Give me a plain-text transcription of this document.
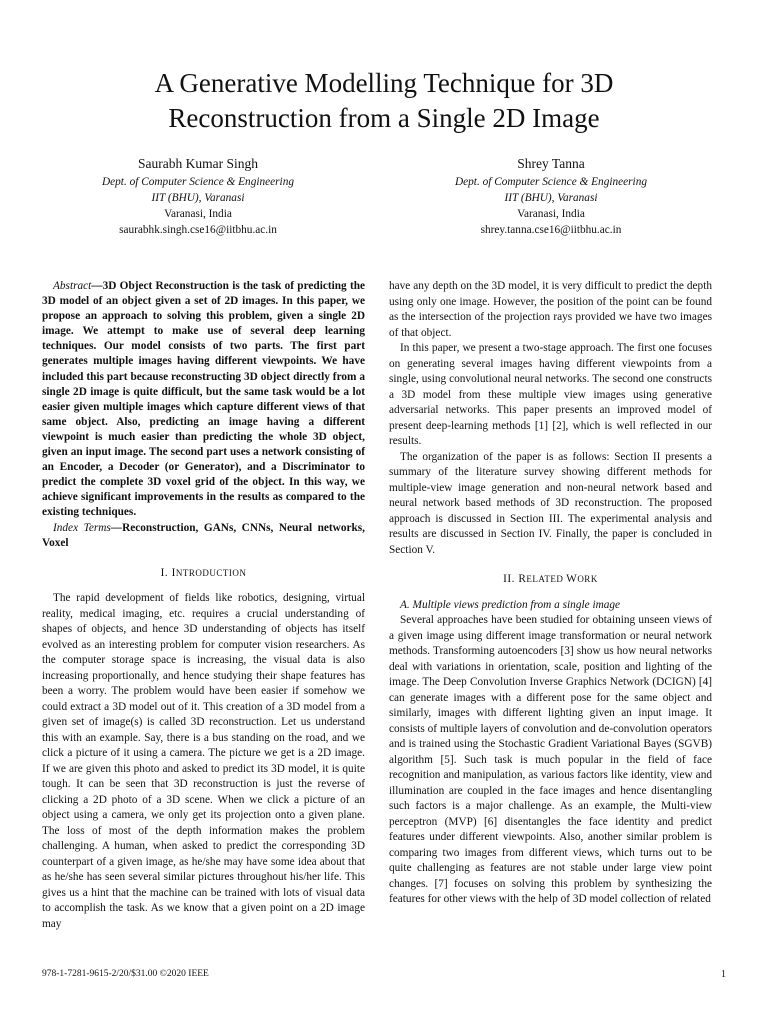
A Generative Modelling Technique for 3D
Reconstruction from a Single 2D Image
Saurabh Kumar Singh
Dept. of Computer Science & Engineering
IIT (BHU), Varanasi
Varanasi, India
saurabhk.singh.cse16@iitbhu.ac.in
Shrey Tanna
Dept. of Computer Science & Engineering
IIT (BHU), Varanasi
Varanasi, India
shrey.tanna.cse16@iitbhu.ac.in

Abstract—3D Object Reconstruction is the task of predicting the 3D model of an object given a set of 2D images. In this paper, we propose an approach to solving this problem, given a single 2D image. We attempt to make use of several deep learning techniques. Our model consists of two parts. The first part generates multiple images having different viewpoints. We have included this part because reconstructing 3D object directly from a single 2D image is quite difficult, but the same task would be a lot easier given multiple images which capture different views of that same object. Also, predicting an image having a different viewpoint is much easier than predicting the whole 3D object, given an input image. The second part uses a network consisting of an Encoder, a Decoder (or Generator), and a Discriminator to predict the complete 3D voxel grid of the object. In this way, we achieve significant improvements in the results as compared to the existing techniques.

Index Terms—Reconstruction, GANs, CNNs, Neural networks, Voxel

I. INTRODUCTION

The rapid development of fields like robotics, designing, virtual reality, medical imaging, etc. requires a crucial understanding of shapes of objects, and hence 3D understanding of objects has itself evolved as an interesting problem for computer vision researchers. As the computer storage space is increasing, the visual data is also increasing proportionally, and hence studying their shape features has been a worry. The problem would have been easier if somehow we could extract a 3D model out of it. This creation of a 3D model from a given set of image(s) is called 3D reconstruction. Let us understand this with an example. Say, there is a bus standing on the road, and we click a picture of it using a camera. The picture we get is a 2D image. If we are given this photo and asked to predict its 3D model, it is quite tough. It can be seen that 3D reconstruction is just the reverse of clicking a 2D photo of a 3D scene. When we click a picture of an object using a camera, we only get its projection onto a given plane. The loss of most of the depth information makes the problem challenging. A human, when asked to predict the corresponding 3D counterpart of a given image, as he/she may have some idea about that as he/she has seen several similar pictures throughout his/her life. This gives us a hint that the machine can be trained with lots of visual data to accomplish the task. As we know that a given point on a 2D image may

have any depth on the 3D model, it is very difficult to predict the depth using only one image. However, the position of the point can be found as the intersection of the projection rays provided we have two images of that object.

In this paper, we present a two-stage approach. The first one focuses on generating several images having different viewpoints from a single, using convolutional neural networks. The second one constructs a 3D model from these multiple view images using generative adversarial networks. This paper presents an improved model of present deep-learning methods [1] [2], which is well reflected in our results.

The organization of the paper is as follows: Section II presents a summary of the literature survey showing different methods for multiple-view image generation and non-neural network based and neural network based methods of 3D reconstruction. The proposed approach is discussed in Section III. The experimental analysis and results are discussed in Section IV. Finally, the paper is concluded in Section V.

II. RELATED WORK

A. Multiple views prediction from a single image

Several approaches have been studied for obtaining unseen views of a given image using different image transformation or neural network methods. Transforming autoencoders [3] show us how neural networks deal with variations in orientation, scale, position and lighting of the image. The Deep Convolution Inverse Graphics Network (DCIGN) [4] can generate images with a different pose for the same object and similarly, images with different lighting given an input image. It consists of multiple layers of convolution and de-convolution operators and is trained using the Stochastic Gradient Variational Bayes (SGVB) algorithm [5]. Such task is much popular in the field of face recognition and manipulation, as various factors like identity, view and illumination are coupled in the face images and hence disentangling such factors is a major challenge. As an example, the Multi-view perceptron (MVP) [6] disentangles the face identity and predict features under different viewpoints. Also, another similar problem is comparing two images from different views, which turns out to be quite challenging as features are not stable under large view point changes. [7] focuses on solving this problem by synthesizing the features for other views with the help of 3D model collection of related

978-1-7281-9615-2/20/$31.00 ©2020 IEEE	1
